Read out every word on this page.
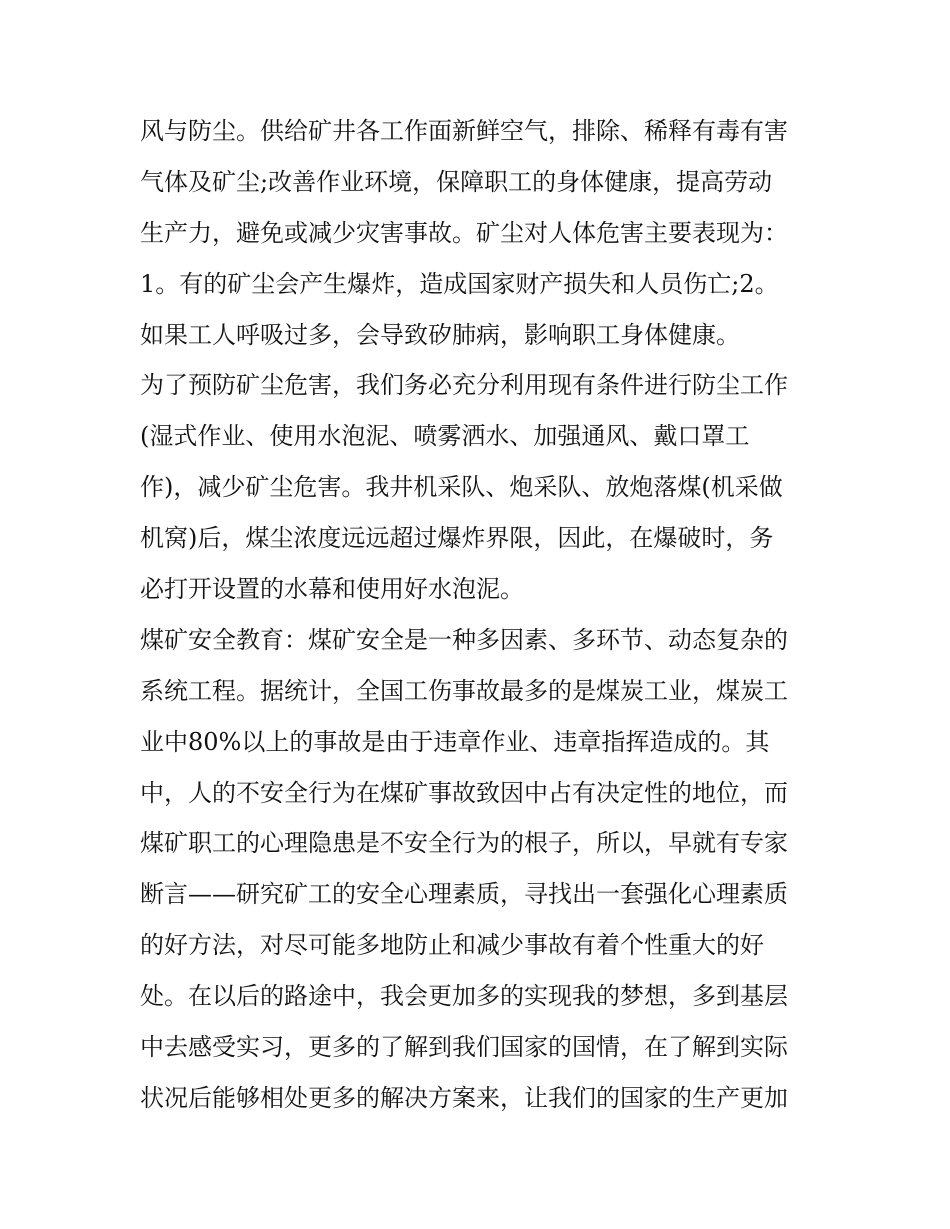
风与防尘。供给矿井各工作面新鲜空气，排除、稀释有毒有害
气体及矿尘;改善作业环境，保障职工的身体健康，提高劳动
生产力，避免或减少灾害事故。矿尘对人体危害主要表现为：
1。有的矿尘会产生爆炸，造成国家财产损失和人员伤亡;2。
如果工人呼吸过多，会导致矽肺病，影响职工身体健康。
为了预防矿尘危害，我们务必充分利用现有条件进行防尘工作
(湿式作业、使用水泡泥、喷雾洒水、加强通风、戴口罩工
作)，减少矿尘危害。我井机采队、炮采队、放炮落煤(机采做
机窝)后，煤尘浓度远远超过爆炸界限，因此，在爆破时，务
必打开设置的水幕和使用好水泡泥。
煤矿安全教育：煤矿安全是一种多因素、多环节、动态复杂的
系统工程。据统计，全国工伤事故最多的是煤炭工业，煤炭工
业中80%以上的事故是由于违章作业、违章指挥造成的。其
中，人的不安全行为在煤矿事故致因中占有决定性的地位，而
煤矿职工的心理隐患是不安全行为的根子，所以，早就有专家
断言——研究矿工的安全心理素质，寻找出一套强化心理素质
的好方法，对尽可能多地防止和减少事故有着个性重大的好
处。在以后的路途中，我会更加多的实现我的梦想，多到基层
中去感受实习，更多的了解到我们国家的国情，在了解到实际
状况后能够相处更多的解决方案来，让我们的国家的生产更加
